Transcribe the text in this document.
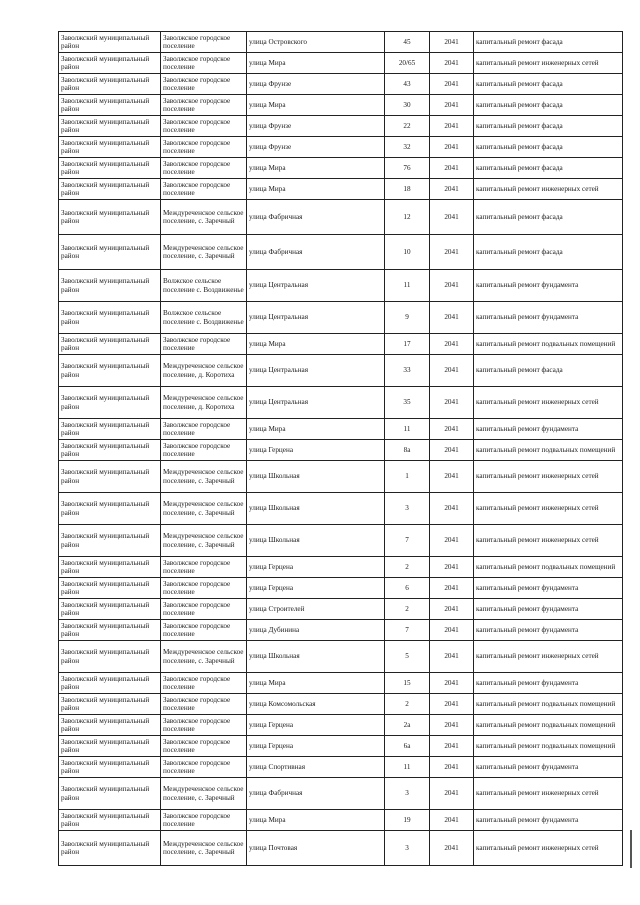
Заволжский муниципальный район	Заволжское городское поселение	улица Островского	45	2041	капитальный ремонт фасада
Заволжский муниципальный район	Заволжское городское поселение	улица Мира	20/65	2041	капитальный ремонт инженерных сетей
Заволжский муниципальный район	Заволжское городское поселение	улица Фрунзе	43	2041	капитальный ремонт фасада
Заволжский муниципальный район	Заволжское городское поселение	улица Мира	30	2041	капитальный ремонт фасада
Заволжский муниципальный район	Заволжское городское поселение	улица Фрунзе	22	2041	капитальный ремонт фасада
Заволжский муниципальный район	Заволжское городское поселение	улица Фрунзе	32	2041	капитальный ремонт фасада
Заволжский муниципальный район	Заволжское городское поселение	улица Мира	76	2041	капитальный ремонт фасада
Заволжский муниципальный район	Заволжское городское поселение	улица Мира	18	2041	капитальный ремонт инженерных сетей
Заволжский муниципальный район	Междуреченское сельское поселение, с. Заречный	улица Фабричная	12	2041	капитальный ремонт фасада
Заволжский муниципальный район	Междуреченское сельское поселение, с. Заречный	улица Фабричная	10	2041	капитальный ремонт фасада
Заволжский муниципальный район	Волжское сельское поселение с. Воздвиженье	улица Центральная	11	2041	капитальный ремонт фундамента
Заволжский муниципальный район	Волжское сельское поселение с. Воздвиженье	улица Центральная	9	2041	капитальный ремонт фундамента
Заволжский муниципальный район	Заволжское городское поселение	улица Мира	17	2041	капитальный ремонт подвальных помещений
Заволжский муниципальный район	Междуреченское сельское поселение, д. Коротиха	улица Центральная	33	2041	капитальный ремонт фасада
Заволжский муниципальный район	Междуреченское сельское поселение, д. Коротиха	улица Центральная	35	2041	капитальный ремонт инженерных сетей
Заволжский муниципальный район	Заволжское городское поселение	улица Мира	11	2041	капитальный ремонт фундамента
Заволжский муниципальный район	Заволжское городское поселение	улица Герцена	8а	2041	капитальный ремонт подвальных помещений
Заволжский муниципальный район	Междуреченское сельское поселение, с. Заречный	улица Школьная	1	2041	капитальный ремонт инженерных сетей
Заволжский муниципальный район	Междуреченское сельское поселение, с. Заречный	улица Школьная	3	2041	капитальный ремонт инженерных сетей
Заволжский муниципальный район	Междуреченское сельское поселение, с. Заречный	улица Школьная	7	2041	капитальный ремонт инженерных сетей
Заволжский муниципальный район	Заволжское городское поселение	улица Герцена	2	2041	капитальный ремонт подвальных помещений
Заволжский муниципальный район	Заволжское городское поселение	улица Герцена	6	2041	капитальный ремонт фундамента
Заволжский муниципальный район	Заволжское городское поселение	улица Строителей	2	2041	капитальный ремонт фундамента
Заволжский муниципальный район	Заволжское городское поселение	улица Дубинина	7	2041	капитальный ремонт фундамента
Заволжский муниципальный район	Междуреченское сельское поселение, с. Заречный	улица Школьная	5	2041	капитальный ремонт инженерных сетей
Заволжский муниципальный район	Заволжское городское поселение	улица Мира	15	2041	капитальный ремонт фундамента
Заволжский муниципальный район	Заволжское городское поселение	улица Комсомольская	2	2041	капитальный ремонт подвальных помещений
Заволжский муниципальный район	Заволжское городское поселение	улица Герцена	2а	2041	капитальный ремонт подвальных помещений
Заволжский муниципальный район	Заволжское городское поселение	улица Герцена	6а	2041	капитальный ремонт подвальных помещений
Заволжский муниципальный район	Заволжское городское поселение	улица Спортивная	11	2041	капитальный ремонт фундамента
Заволжский муниципальный район	Междуреченское сельское поселение, с. Заречный	улица Фабричная	3	2041	капитальный ремонт инженерных сетей
Заволжский муниципальный район	Заволжское городское поселение	улица Мира	19	2041	капитальный ремонт фундамента
Заволжский муниципальный район	Междуреченское сельское поселение, с. Заречный	улица Почтовая	3	2041	капитальный ремонт инженерных сетей
